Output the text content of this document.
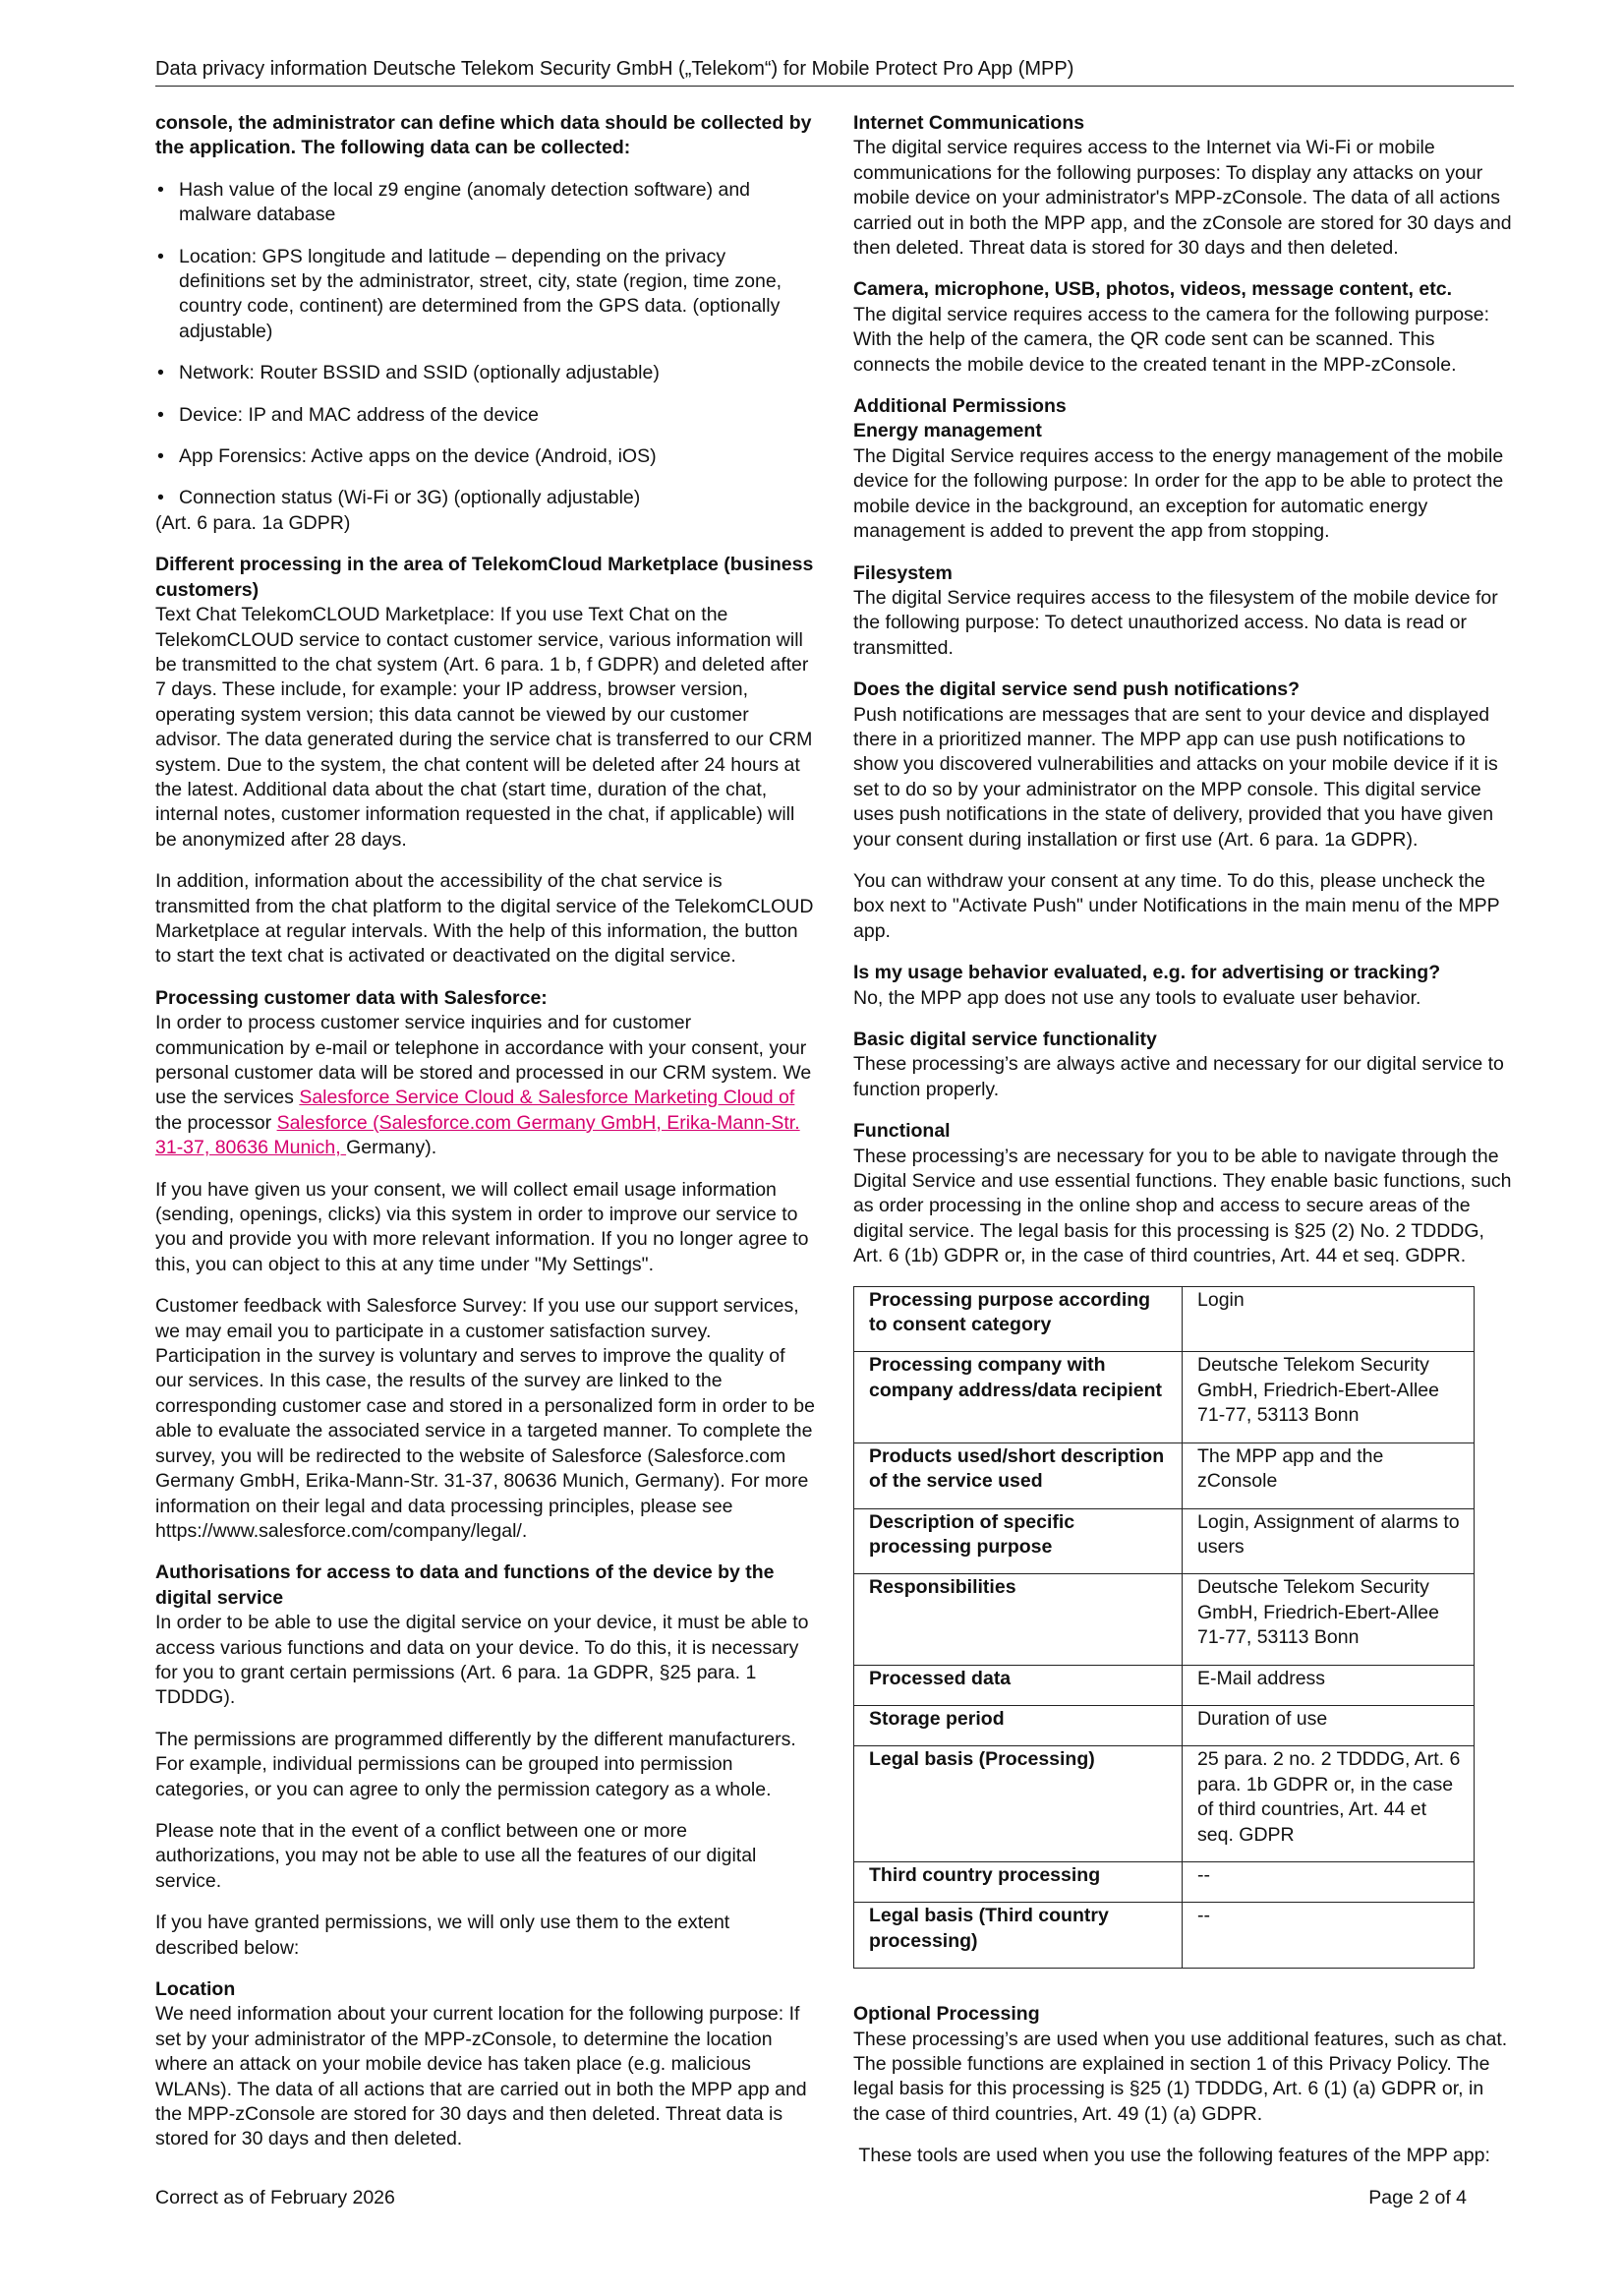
Data privacy information Deutsche Telekom Security GmbH („Telekom“) for Mobile Protect Pro App (MPP)

console, the administrator can define which data should be collected by the application. The following data can be collected:

• Hash value of the local z9 engine (anomaly detection software) and malware database
• Location: GPS longitude and latitude – depending on the privacy definitions set by the administrator, street, city, state (region, time zone, country code, continent) are determined from the GPS data. (optionally adjustable)
• Network: Router BSSID and SSID (optionally adjustable)
• Device: IP and MAC address of the device
• App Forensics: Active apps on the device (Android, iOS)
• Connection status (Wi-Fi or 3G) (optionally adjustable)

(Art. 6 para. 1a GDPR)

Different processing in the area of TelekomCloud Marketplace (business customers)

Text Chat TelekomCLOUD Marketplace: If you use Text Chat on the TelekomCLOUD service to contact customer service, various information will be transmitted to the chat system (Art. 6 para. 1 b, f GDPR) and deleted after 7 days. These include, for example: your IP address, browser version, operating system version; this data cannot be viewed by our customer advisor. The data generated during the service chat is transferred to our CRM system. Due to the system, the chat content will be deleted after 24 hours at the latest. Additional data about the chat (start time, duration of the chat, internal notes, customer information requested in the chat, if applicable) will be anonymized after 28 days.

In addition, information about the accessibility of the chat service is transmitted from the chat platform to the digital service of the TelekomCLOUD Marketplace at regular intervals. With the help of this information, the button to start the text chat is activated or deactivated on the digital service.

Processing customer data with Salesforce:

In order to process customer service inquiries and for customer communication by e-mail or telephone in accordance with your consent, your personal customer data will be stored and processed in our CRM system. We use the services Salesforce Service Cloud & Salesforce Marketing Cloud of the processor Salesforce (Salesforce.com Germany GmbH, Erika-Mann-Str. 31-37, 80636 Munich, Germany).

If you have given us your consent, we will collect email usage information (sending, openings, clicks) via this system in order to improve our service to you and provide you with more relevant information. If you no longer agree to this, you can object to this at any time under "My Settings".

Customer feedback with Salesforce Survey: If you use our support services, we may email you to participate in a customer satisfaction survey. Participation in the survey is voluntary and serves to improve the quality of our services. In this case, the results of the survey are linked to the corresponding customer case and stored in a personalized form in order to be able to evaluate the associated service in a targeted manner. To complete the survey, you will be redirected to the website of Salesforce (Salesforce.com Germany GmbH, Erika-Mann-Str. 31-37, 80636 Munich, Germany). For more information on their legal and data processing principles, please see https://www.salesforce.com/company/legal/.

Authorisations for access to data and functions of the device by the digital service

In order to be able to use the digital service on your device, it must be able to access various functions and data on your device. To do this, it is necessary for you to grant certain permissions (Art. 6 para. 1a GDPR, §25 para. 1 TDDDG).

The permissions are programmed differently by the different manufacturers. For example, individual permissions can be grouped into permission categories, or you can agree to only the permission category as a whole.

Please note that in the event of a conflict between one or more authorizations, you may not be able to use all the features of our digital service.

If you have granted permissions, we will only use them to the extent described below:

Location

We need information about your current location for the following purpose: If set by your administrator of the MPP-zConsole, to determine the location where an attack on your mobile device has taken place (e.g. malicious WLANs). The data of all actions that are carried out in both the MPP app and the MPP-zConsole are stored for 30 days and then deleted. Threat data is stored for 30 days and then deleted.

Internet Communications

The digital service requires access to the Internet via Wi-Fi or mobile communications for the following purposes: To display any attacks on your mobile device on your administrator's MPP-zConsole. The data of all actions carried out in both the MPP app, and the zConsole are stored for 30 days and then deleted. Threat data is stored for 30 days and then deleted.

Camera, microphone, USB, photos, videos, message content, etc.

The digital service requires access to the camera for the following purpose: With the help of the camera, the QR code sent can be scanned. This connects the mobile device to the created tenant in the MPP-zConsole.

Additional Permissions

Energy management

The Digital Service requires access to the energy management of the mobile device for the following purpose: In order for the app to be able to protect the mobile device in the background, an exception for automatic energy management is added to prevent the app from stopping.

Filesystem

The digital Service requires access to the filesystem of the mobile device for the following purpose: To detect unauthorized access. No data is read or transmitted.

Does the digital service send push notifications?

Push notifications are messages that are sent to your device and displayed there in a prioritized manner. The MPP app can use push notifications to show you discovered vulnerabilities and attacks on your mobile device if it is set to do so by your administrator on the MPP console. This digital service uses push notifications in the state of delivery, provided that you have given your consent during installation or first use (Art. 6 para. 1a GDPR).

You can withdraw your consent at any time. To do this, please uncheck the box next to "Activate Push" under Notifications in the main menu of the MPP app.

Is my usage behavior evaluated, e.g. for advertising or tracking?

No, the MPP app does not use any tools to evaluate user behavior.

Basic digital service functionality

These processing’s are always active and necessary for our digital service to function properly.

Functional

These processing’s are necessary for you to be able to navigate through the Digital Service and use essential functions. They enable basic functions, such as order processing in the online shop and access to secure areas of the digital service. The legal basis for this processing is §25 (2) No. 2 TDDDG, Art. 6 (1b) GDPR or, in the case of third countries, Art. 44 et seq. GDPR.

Processing purpose according to consent category	Login
Processing company with company address/data recipient	Deutsche Telekom Security GmbH, Friedrich-Ebert-Allee 71-77, 53113 Bonn
Products used/short description of the service used	The MPP app and the zConsole
Description of specific processing purpose	Login, Assignment of alarms to users
Responsibilities	Deutsche Telekom Security GmbH, Friedrich-Ebert-Allee 71-77, 53113 Bonn
Processed data	E-Mail address
Storage period	Duration of use
Legal basis (Processing)	25 para. 2 no. 2 TDDDG, Art. 6 para. 1b GDPR or, in the case of third countries, Art. 44 et seq. GDPR
Third country processing	--
Legal basis (Third country processing)	--

Optional Processing

These processing’s are used when you use additional features, such as chat. The possible functions are explained in section 1 of this Privacy Policy. The legal basis for this processing is §25 (1) TDDDG, Art. 6 (1) (a) GDPR or, in the case of third countries, Art. 49 (1) (a) GDPR.

These tools are used when you use the following features of the MPP app:

Correct as of February 2026	Page 2 of 4
